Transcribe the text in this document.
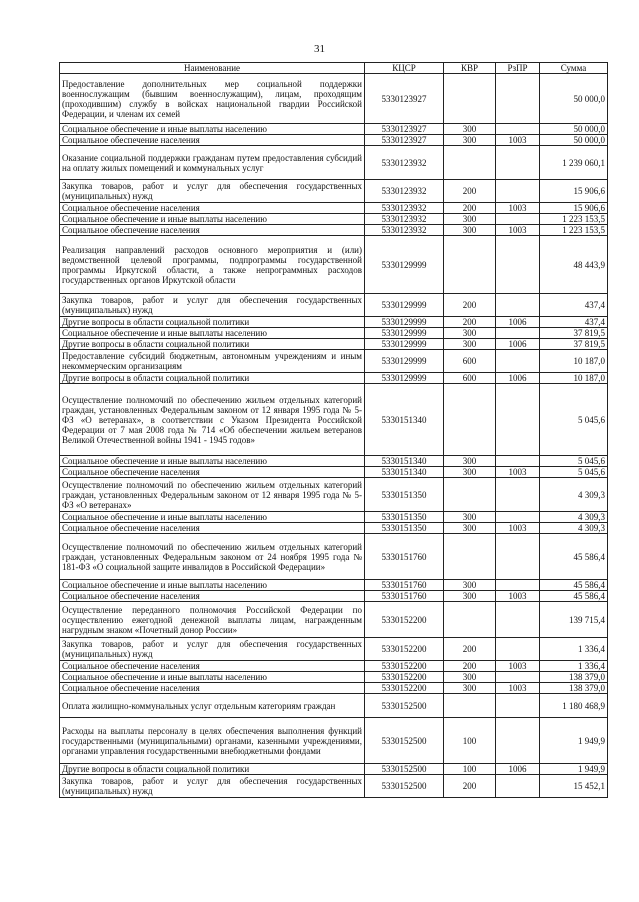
31
Наименование	КЦСР	КВР	РзПР	Сумма
Предоставление дополнительных мер социальной поддержки военнослужащим (бывшим военнослужащим), лицам, проходящим (проходившим) службу в войсках национальной гвардии Российской Федерации, и членам их семей	5330123927			50 000,0
Социальное обеспечение и иные выплаты населению	5330123927	300		50 000,0
Социальное обеспечение населения	5330123927	300	1003	50 000,0
Оказание социальной поддержки гражданам путем предоставления субсидий на оплату жилых помещений и коммунальных услуг	5330123932			1 239 060,1
Закупка товаров, работ и услуг для обеспечения государственных (муниципальных) нужд	5330123932	200		15 906,6
Социальное обеспечение населения	5330123932	200	1003	15 906,6
Социальное обеспечение и иные выплаты населению	5330123932	300		1 223 153,5
Социальное обеспечение населения	5330123932	300	1003	1 223 153,5
Реализация направлений расходов основного мероприятия и (или) ведомственной целевой программы, подпрограммы государственной программы Иркутской области, а также непрограммных расходов государственных органов Иркутской области	5330129999			48 443,9
Закупка товаров, работ и услуг для обеспечения государственных (муниципальных) нужд	5330129999	200		437,4
Другие вопросы в области социальной политики	5330129999	200	1006	437,4
Социальное обеспечение и иные выплаты населению	5330129999	300		37 819,5
Другие вопросы в области социальной политики	5330129999	300	1006	37 819,5
Предоставление субсидий бюджетным, автономным учреждениям и иным некоммерческим организациям	5330129999	600		10 187,0
Другие вопросы в области социальной политики	5330129999	600	1006	10 187,0
Осуществление полномочий по обеспечению жильем отдельных категорий граждан, установленных Федеральным законом от 12 января 1995 года № 5-ФЗ «О ветеранах», в соответствии с Указом Президента Российской Федерации от 7 мая 2008 года № 714 «Об обеспечении жильем ветеранов Великой Отечественной войны 1941 - 1945 годов»	5330151340			5 045,6
Социальное обеспечение и иные выплаты населению	5330151340	300		5 045,6
Социальное обеспечение населения	5330151340	300	1003	5 045,6
Осуществление полномочий по обеспечению жильем отдельных категорий граждан, установленных Федеральным законом от 12 января 1995 года № 5-ФЗ «О ветеранах»	5330151350			4 309,3
Социальное обеспечение и иные выплаты населению	5330151350	300		4 309,3
Социальное обеспечение населения	5330151350	300	1003	4 309,3
Осуществление полномочий по обеспечению жильем отдельных категорий граждан, установленных Федеральным законом от 24 ноября 1995 года № 181-ФЗ «О социальной защите инвалидов в Российской Федерации»	5330151760			45 586,4
Социальное обеспечение и иные выплаты населению	5330151760	300		45 586,4
Социальное обеспечение населения	5330151760	300	1003	45 586,4
Осуществление переданного полномочия Российской Федерации по осуществлению ежегодной денежной выплаты лицам, награжденным нагрудным знаком «Почетный донор России»	5330152200			139 715,4
Закупка товаров, работ и услуг для обеспечения государственных (муниципальных) нужд	5330152200	200		1 336,4
Социальное обеспечение населения	5330152200	200	1003	1 336,4
Социальное обеспечение и иные выплаты населению	5330152200	300		138 379,0
Социальное обеспечение населения	5330152200	300	1003	138 379,0
Оплата жилищно-коммунальных услуг отдельным категориям граждан	5330152500			1 180 468,9
Расходы на выплаты персоналу в целях обеспечения выполнения функций государственными (муниципальными) органами, казенными учреждениями, органами управления государственными внебюджетными фондами	5330152500	100		1 949,9
Другие вопросы в области социальной политики	5330152500	100	1006	1 949,9
Закупка товаров, работ и услуг для обеспечения государственных (муниципальных) нужд	5330152500	200		15 452,1
